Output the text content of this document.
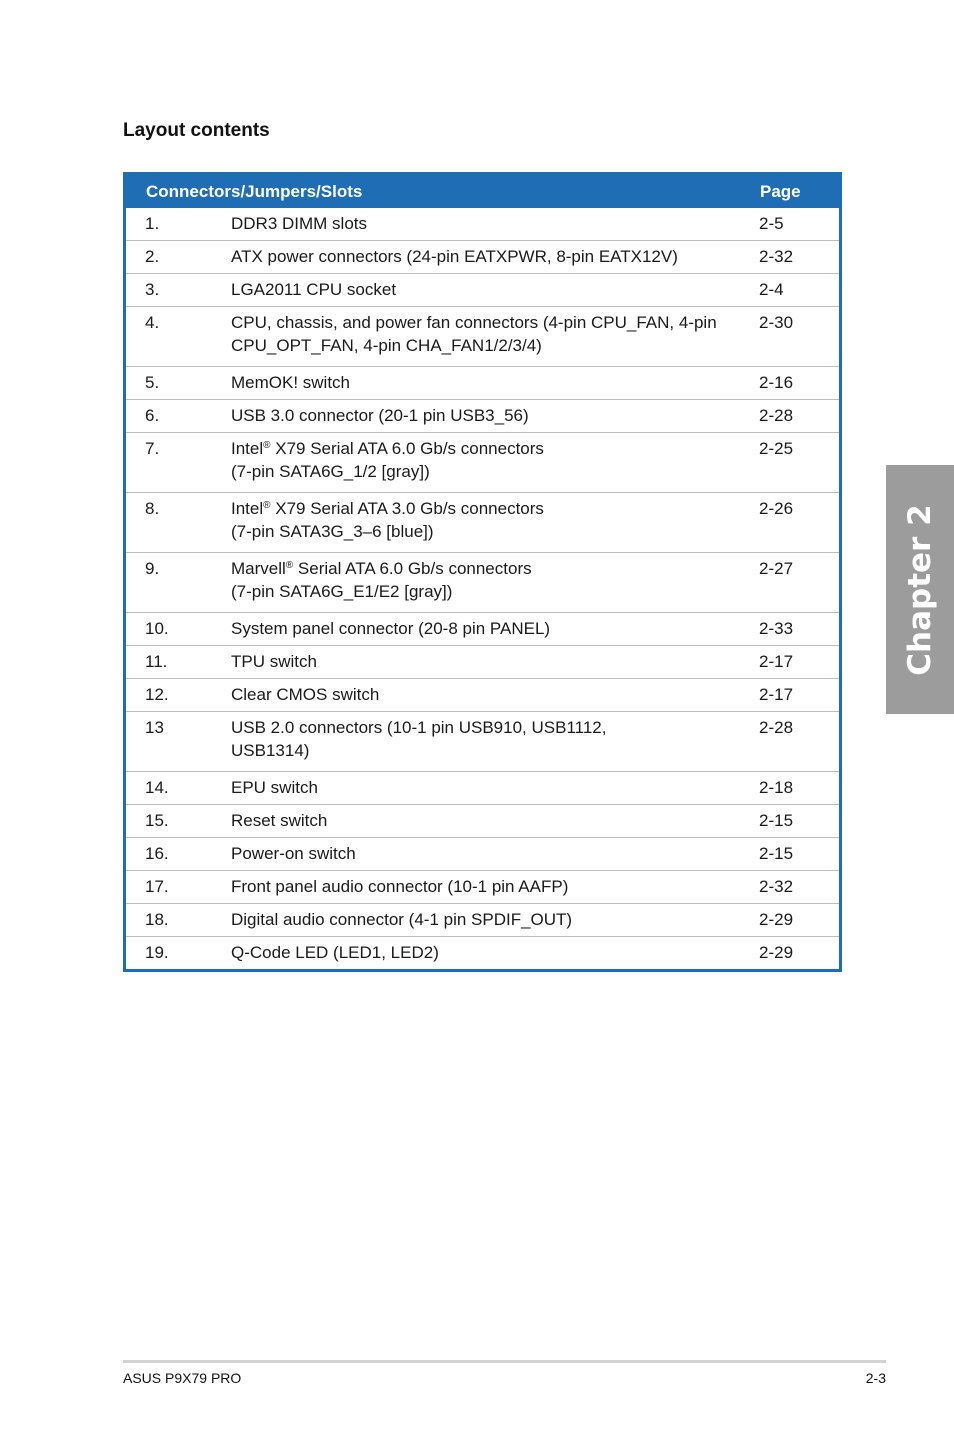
Layout contents
Connectors/Jumpers/Slots		Page
1.	DDR3 DIMM slots	2-5
2.	ATX power connectors (24-pin EATXPWR, 8-pin EATX12V)	2-32
3.	LGA2011 CPU socket	2-4
4.	CPU, chassis, and power fan connectors (4-pin CPU_FAN, 4-pin
CPU_OPT_FAN, 4-pin CHA_FAN1/2/3/4)	2-30
5.	MemOK! switch	2-16
6.	USB 3.0 connector (20-1 pin USB3_56)	2-28
7.	Intel® X79 Serial ATA 6.0 Gb/s connectors
(7-pin SATA6G_1/2 [gray])	2-25
8.	Intel® X79 Serial ATA 3.0 Gb/s connectors
(7-pin SATA3G_3–6 [blue])	2-26
9.	Marvell® Serial ATA 6.0 Gb/s connectors
(7-pin SATA6G_E1/E2 [gray])	2-27
10.	System panel connector (20-8 pin PANEL)	2-33
11.	TPU switch	2-17
12.	Clear CMOS switch	2-17
13	USB 2.0 connectors (10-1 pin USB910, USB1112,
USB1314)	2-28
14.	EPU switch	2-18
15.	Reset switch	2-15
16.	Power-on switch	2-15
17.	Front panel audio connector (10-1 pin AAFP)	2-32
18.	Digital audio connector (4-1 pin SPDIF_OUT)	2-29
19.	Q-Code LED (LED1, LED2)	2-29
Chapter 2
ASUS P9X79 PRO	2-3
